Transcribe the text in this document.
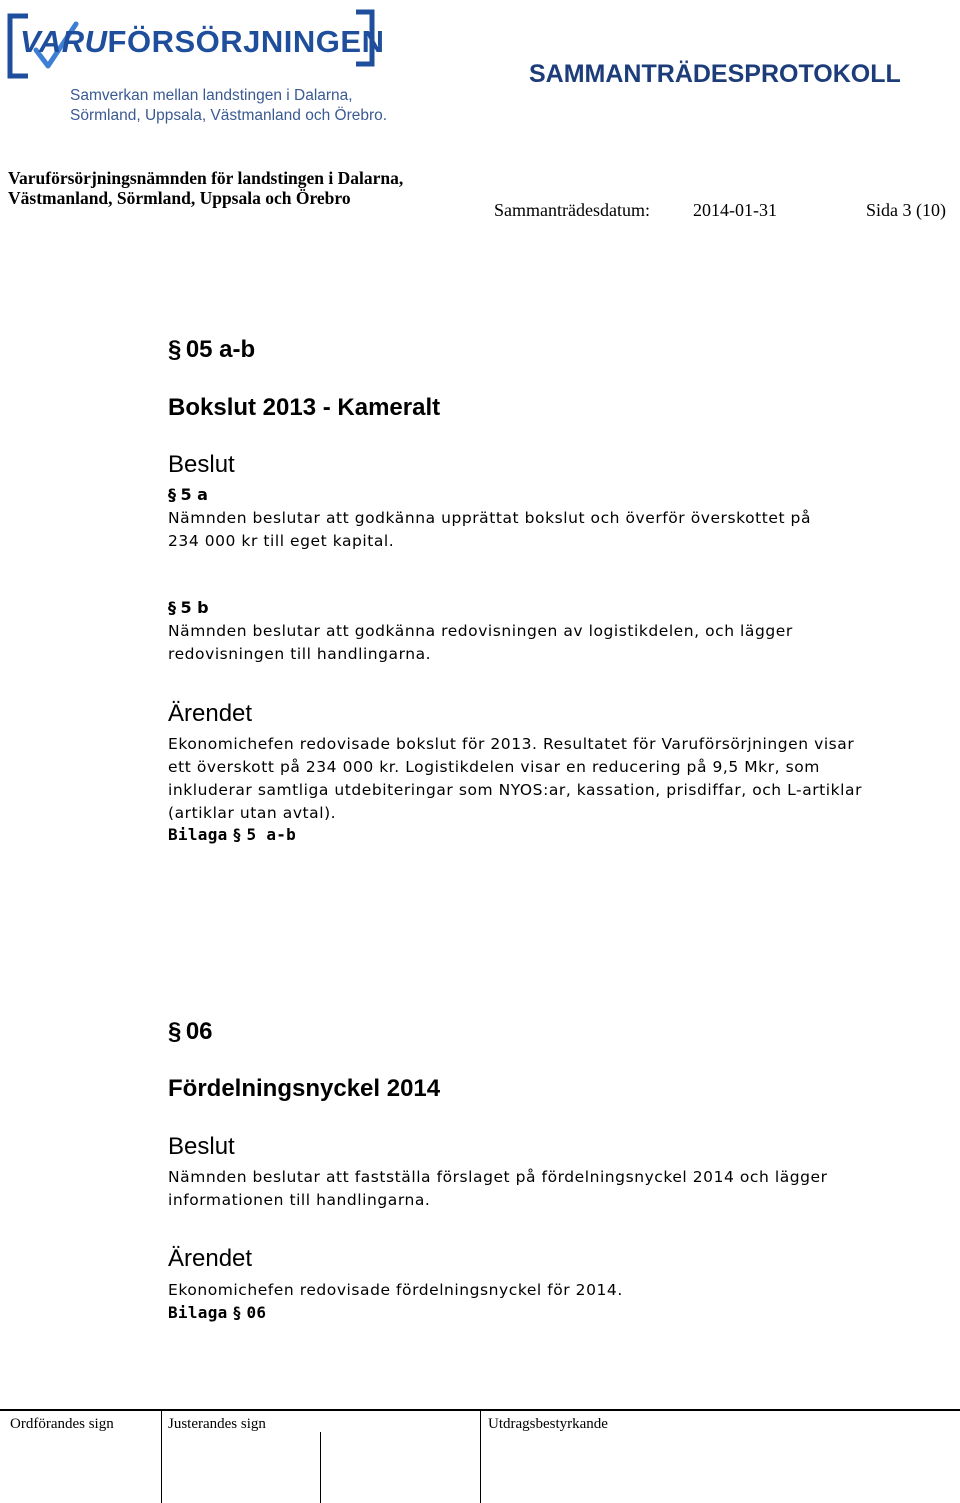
VARUFÖRSÖRJNINGEN
Samverkan mellan landstingen i Dalarna,
Sörmland, Uppsala, Västmanland och Örebro.
SAMMANTRÄDESPROTOKOLL
Varuförsörjningsnämnden för landstingen i Dalarna,
Västmanland, Sörmland, Uppsala och Örebro
Sammanträdesdatum: 2014-01-31	Sida 3 (10)
§ 05 a-b
Bokslut 2013 - Kameralt
Beslut
§ 5 a
Nämnden beslutar att godkänna upprättat bokslut och överför överskottet på
234 000 kr till eget kapital.
§ 5 b
Nämnden beslutar att godkänna redovisningen av logistikdelen, och lägger
redovisningen till handlingarna.
Ärendet
Ekonomichefen redovisade bokslut för 2013. Resultatet för Varuförsörjningen visar
ett överskott på 234 000 kr. Logistikdelen visar en reducering på 9,5 Mkr, som
inkluderar samtliga utdebiteringar som NYOS:ar, kassation, prisdiffar, och L-artiklar
(artiklar utan avtal).
Bilaga § 5 a-b
§ 06
Fördelningsnyckel 2014
Beslut
Nämnden beslutar att fastställa förslaget på fördelningsnyckel 2014 och lägger
informationen till handlingarna.
Ärendet
Ekonomichefen redovisade fördelningsnyckel för 2014.
Bilaga § 06
Ordförandes sign	Justerandes sign	Utdragsbestyrkande
